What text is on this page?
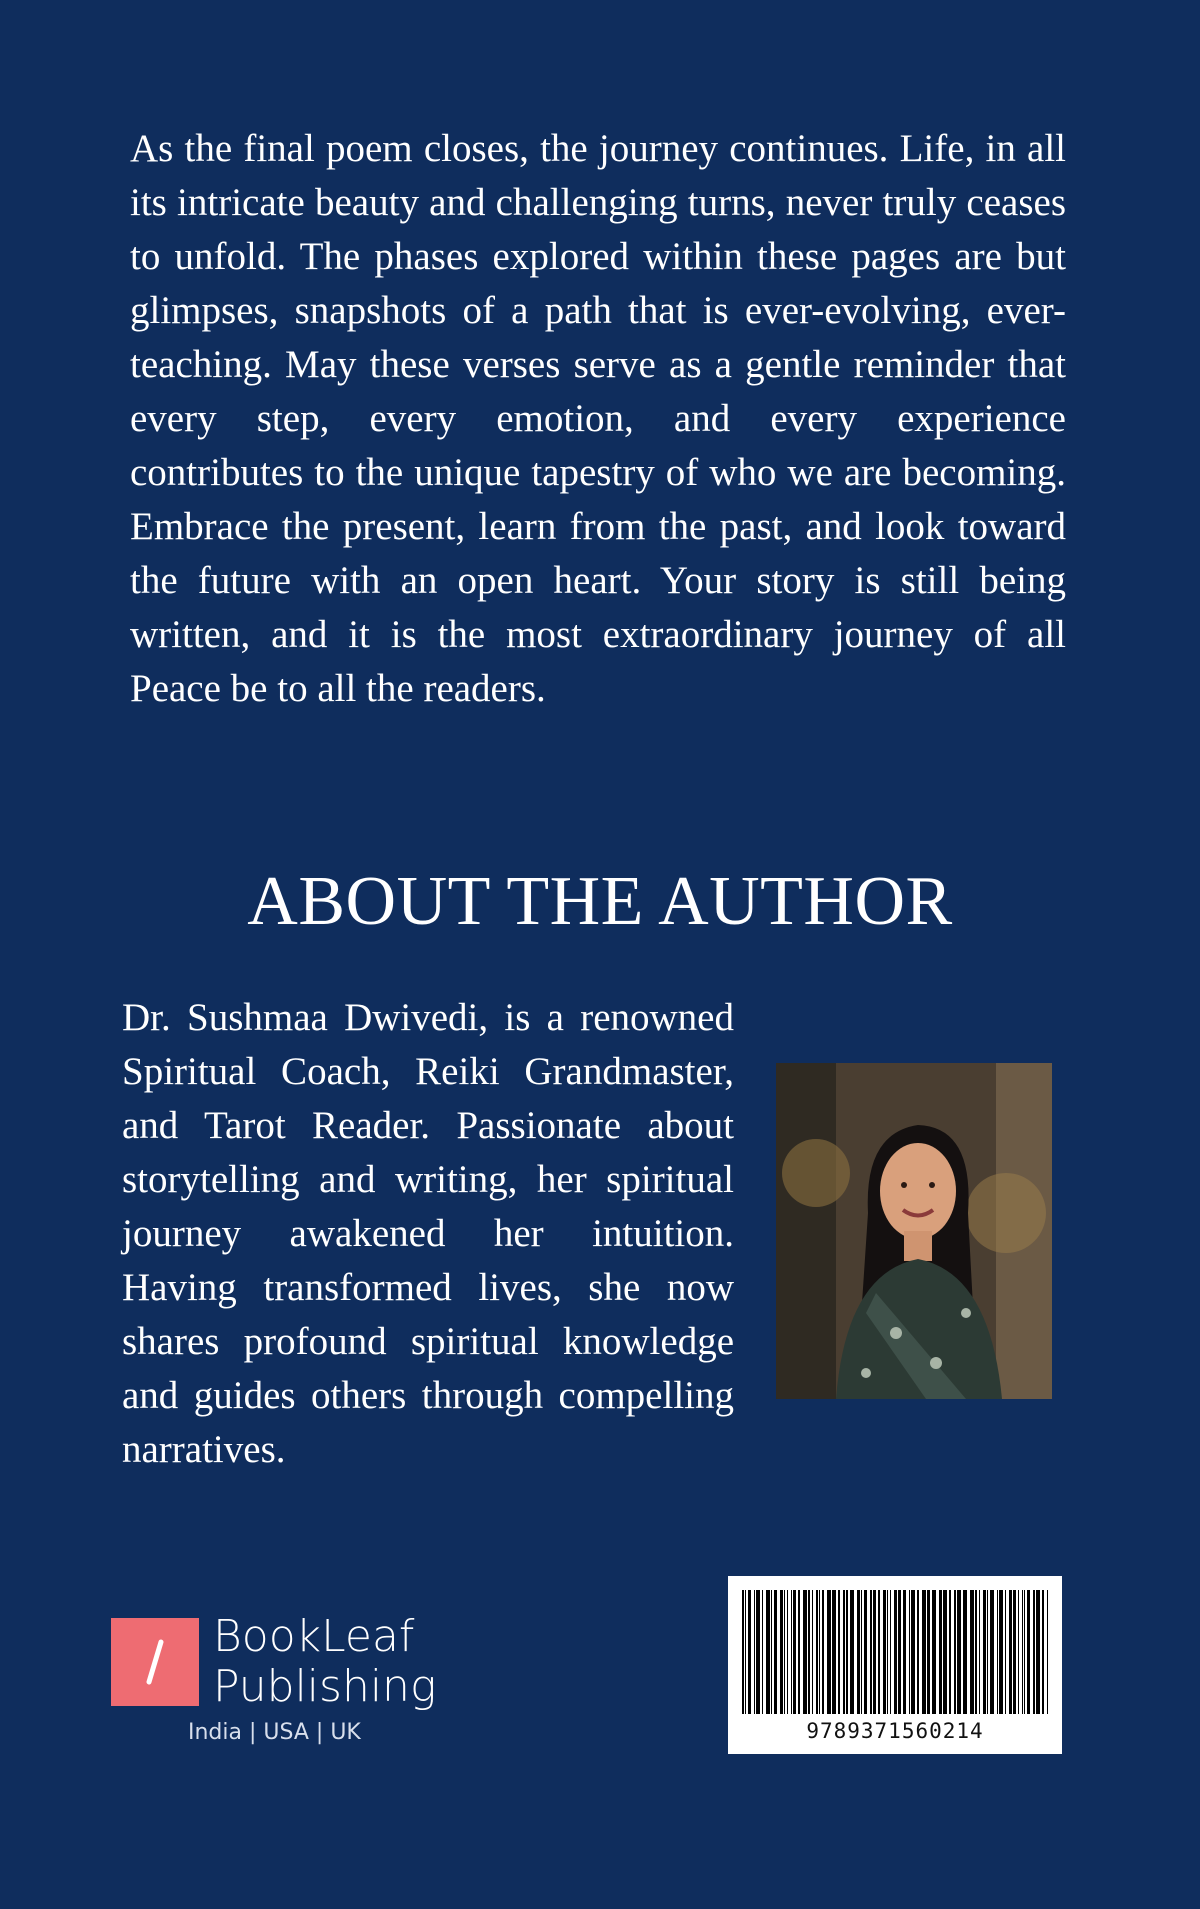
As the final poem closes, the journey continues. Life, in all its intricate beauty and challenging turns, never truly ceases to unfold. The phases explored within these pages are but glimpses, snapshots of a path that is ever-evolving, ever-teaching. May these verses serve as a gentle reminder that every step, every emotion, and every experience contributes to the unique tapestry of who we are becoming. Embrace the present, learn from the past, and look toward the future with an open heart. Your story is still being written, and it is the most extraordinary journey of all Peace be to all the readers.

ABOUT THE AUTHOR

Dr. Sushmaa Dwivedi, is a renowned Spiritual Coach, Reiki Grandmaster, and Tarot Reader. Passionate about storytelling and writing, her spiritual journey awakened her intuition. Having transformed lives, she now shares profound spiritual knowledge and guides others through compelling narratives.

BookLeaf
Publishing
India | USA | UK	9789371560214
